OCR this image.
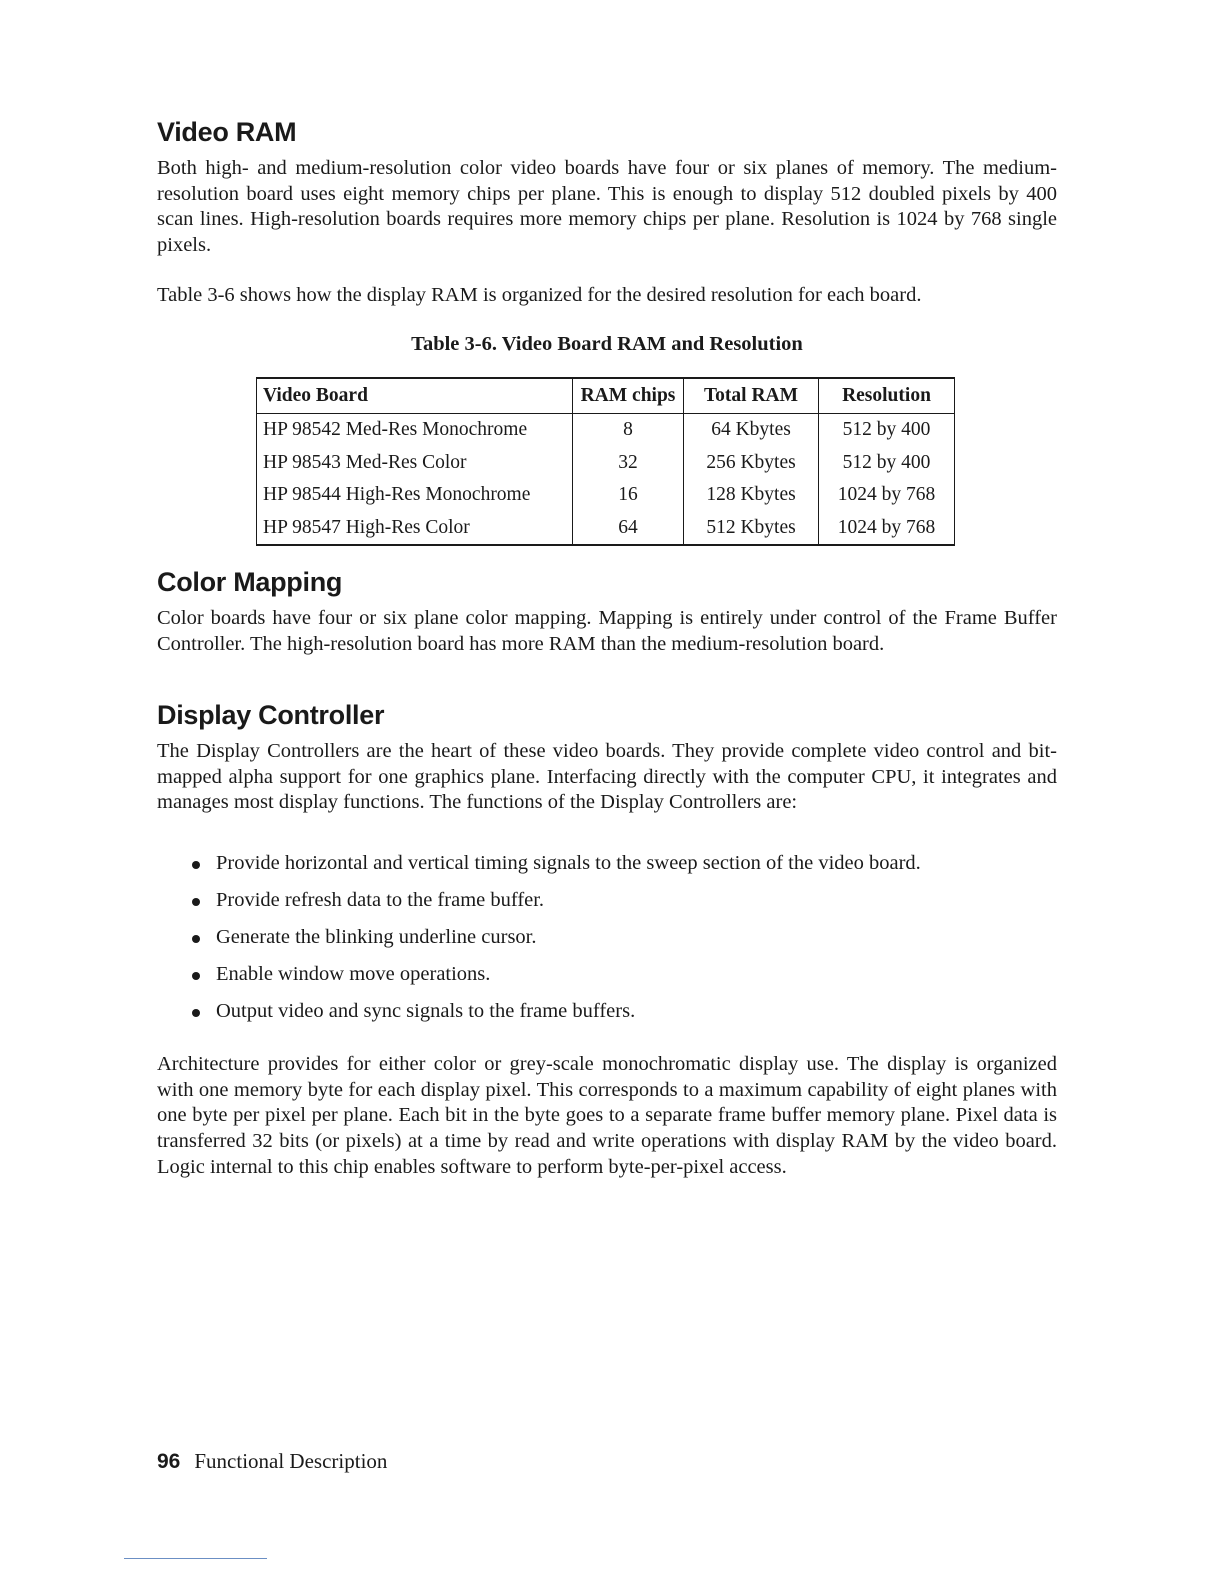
Video RAM

Both high- and medium-resolution color video boards have four or six planes of memory. The medium-resolution board uses eight memory chips per plane. This is enough to display 512 doubled pixels by 400 scan lines. High-resolution boards requires more memory chips per plane. Resolution is 1024 by 768 single pixels.

Table 3-6 shows how the display RAM is organized for the desired resolution for each board.

Table 3-6. Video Board RAM and Resolution
Video Board	RAM chips	Total RAM	Resolution
HP 98542 Med-Res Monochrome	8	64 Kbytes	512 by 400
HP 98543 Med-Res Color	32	256 Kbytes	512 by 400
HP 98544 High-Res Monochrome	16	128 Kbytes	1024 by 768
HP 98547 High-Res Color	64	512 Kbytes	1024 by 768
Color Mapping

Color boards have four or six plane color mapping. Mapping is entirely under control of the Frame Buffer Controller. The high-resolution board has more RAM than the medium-resolution board.

Display Controller

The Display Controllers are the heart of these video boards. They provide complete video control and bit-mapped alpha support for one graphics plane. Interfacing directly with the computer CPU, it integrates and manages most display functions. The functions of the Display Controllers are:

Provide horizontal and vertical timing signals to the sweep section of the video board.
Provide refresh data to the frame buffer.
Generate the blinking underline cursor.
Enable window move operations.
Output video and sync signals to the frame buffers.

Architecture provides for either color or grey-scale monochromatic display use. The display is organized with one memory byte for each display pixel. This corresponds to a maximum capability of eight planes with one byte per pixel per plane. Each bit in the byte goes to a separate frame buffer memory plane. Pixel data is transferred 32 bits (or pixels) at a time by read and write operations with display RAM by the video board. Logic internal to this chip enables software to perform byte-per-pixel access.

96 Functional Description
